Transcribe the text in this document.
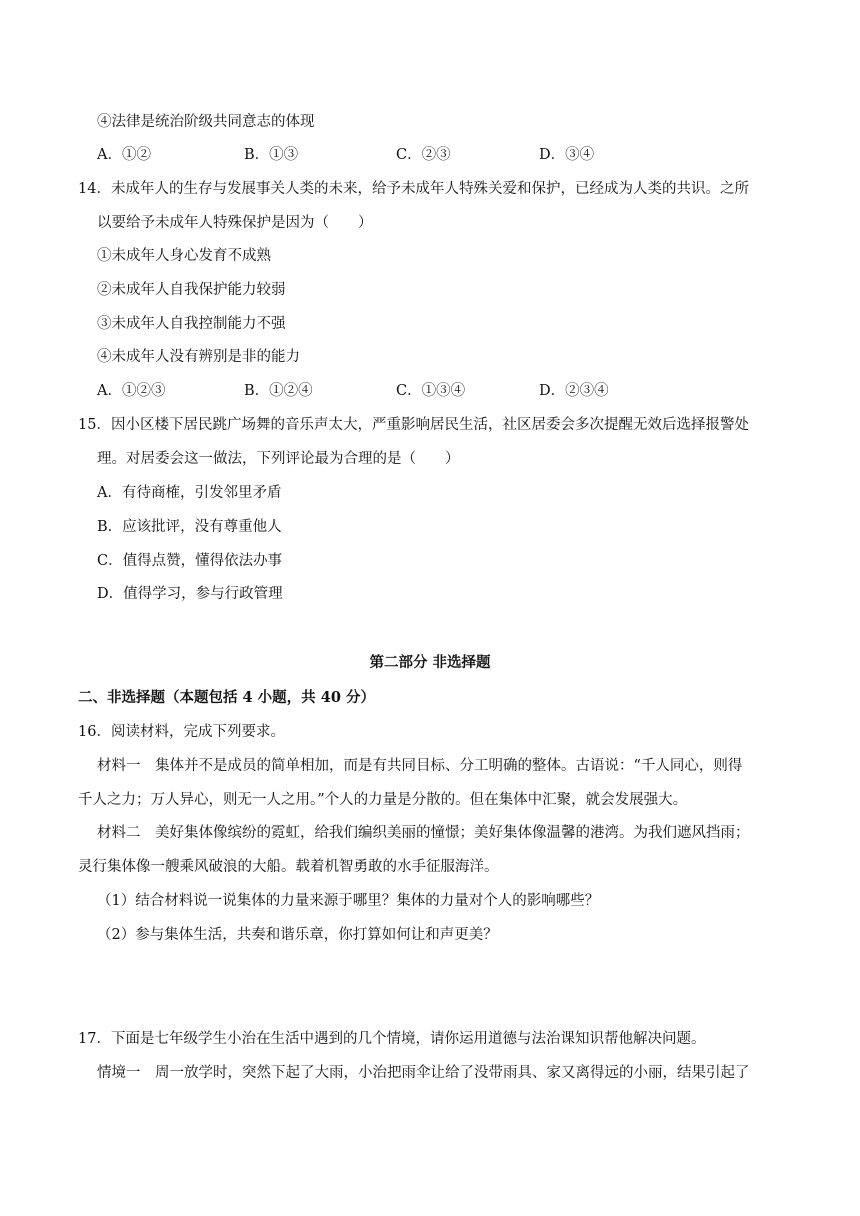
④法律是统治阶级共同意志的体现
A．①②	B．①③	C．②③	D．③④
14．未成年人的生存与发展事关人类的未来，给予未成年人特殊关爱和保护，已经成为人类的共识。之所
以要给予未成年人特殊保护是因为（　　）
①未成年人身心发育不成熟
②未成年人自我保护能力较弱
③未成年人自我控制能力不强
④未成年人没有辨别是非的能力
A．①②③	B．①②④	C．①③④	D．②③④
15．因小区楼下居民跳广场舞的音乐声太大，严重影响居民生活，社区居委会多次提醒无效后选择报警处
理。对居委会这一做法，下列评论最为合理的是（　　）
A．有待商榷，引发邻里矛盾
B．应该批评，没有尊重他人
C．值得点赞，懂得依法办事
D．值得学习，参与行政管理
第二部分 非选择题
二、非选择题（本题包括 4 小题，共 40 分）
16．阅读材料，完成下列要求。
材料一　集体并不是成员的简单相加，而是有共同目标、分工明确的整体。古语说：“千人同心，则得
千人之力；万人异心，则无一人之用。”个人的力量是分散的。但在集体中汇聚，就会发展强大。
材料二　美好集体像缤纷的霓虹，给我们编织美丽的憧憬；美好集体像温馨的港湾。为我们遮风挡雨；
灵行集体像一艘乘风破浪的大船。载着机智勇敢的水手征服海洋。
（1）结合材料说一说集体的力量来源于哪里？集体的力量对个人的影响哪些？
（2）参与集体生活，共奏和谐乐章，你打算如何让和声更美？
17．下面是七年级学生小治在生活中遇到的几个情境，请你运用道德与法治课知识帮他解决问题。
情境一　周一放学时，突然下起了大雨，小治把雨伞让给了没带雨具、家又离得远的小丽，结果引起了
